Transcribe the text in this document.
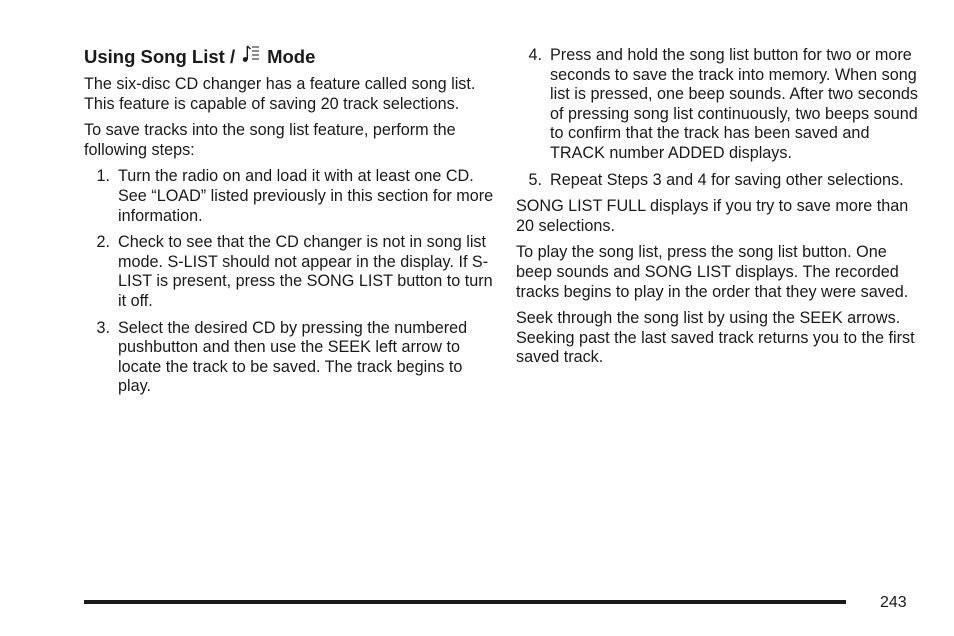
Using Song List / Mode

The six-disc CD changer has a feature called song list. This feature is capable of saving 20 track selections.

To save tracks into the song list feature, perform the following steps:

1. Turn the radio on and load it with at least one CD. See “LOAD” listed previously in this section for more information.
2. Check to see that the CD changer is not in song list mode. S-LIST should not appear in the display. If S-LIST is present, press the SONG LIST button to turn it off.
3. Select the desired CD by pressing the numbered pushbutton and then use the SEEK left arrow to locate the track to be saved. The track begins to play.
4. Press and hold the song list button for two or more seconds to save the track into memory. When song list is pressed, one beep sounds. After two seconds of pressing song list continuously, two beeps sound to confirm that the track has been saved and TRACK number ADDED displays.
5. Repeat Steps 3 and 4 for saving other selections.

SONG LIST FULL displays if you try to save more than 20 selections.

To play the song list, press the song list button. One beep sounds and SONG LIST displays. The recorded tracks begins to play in the order that they were saved.

Seek through the song list by using the SEEK arrows. Seeking past the last saved track returns you to the first saved track.

243
